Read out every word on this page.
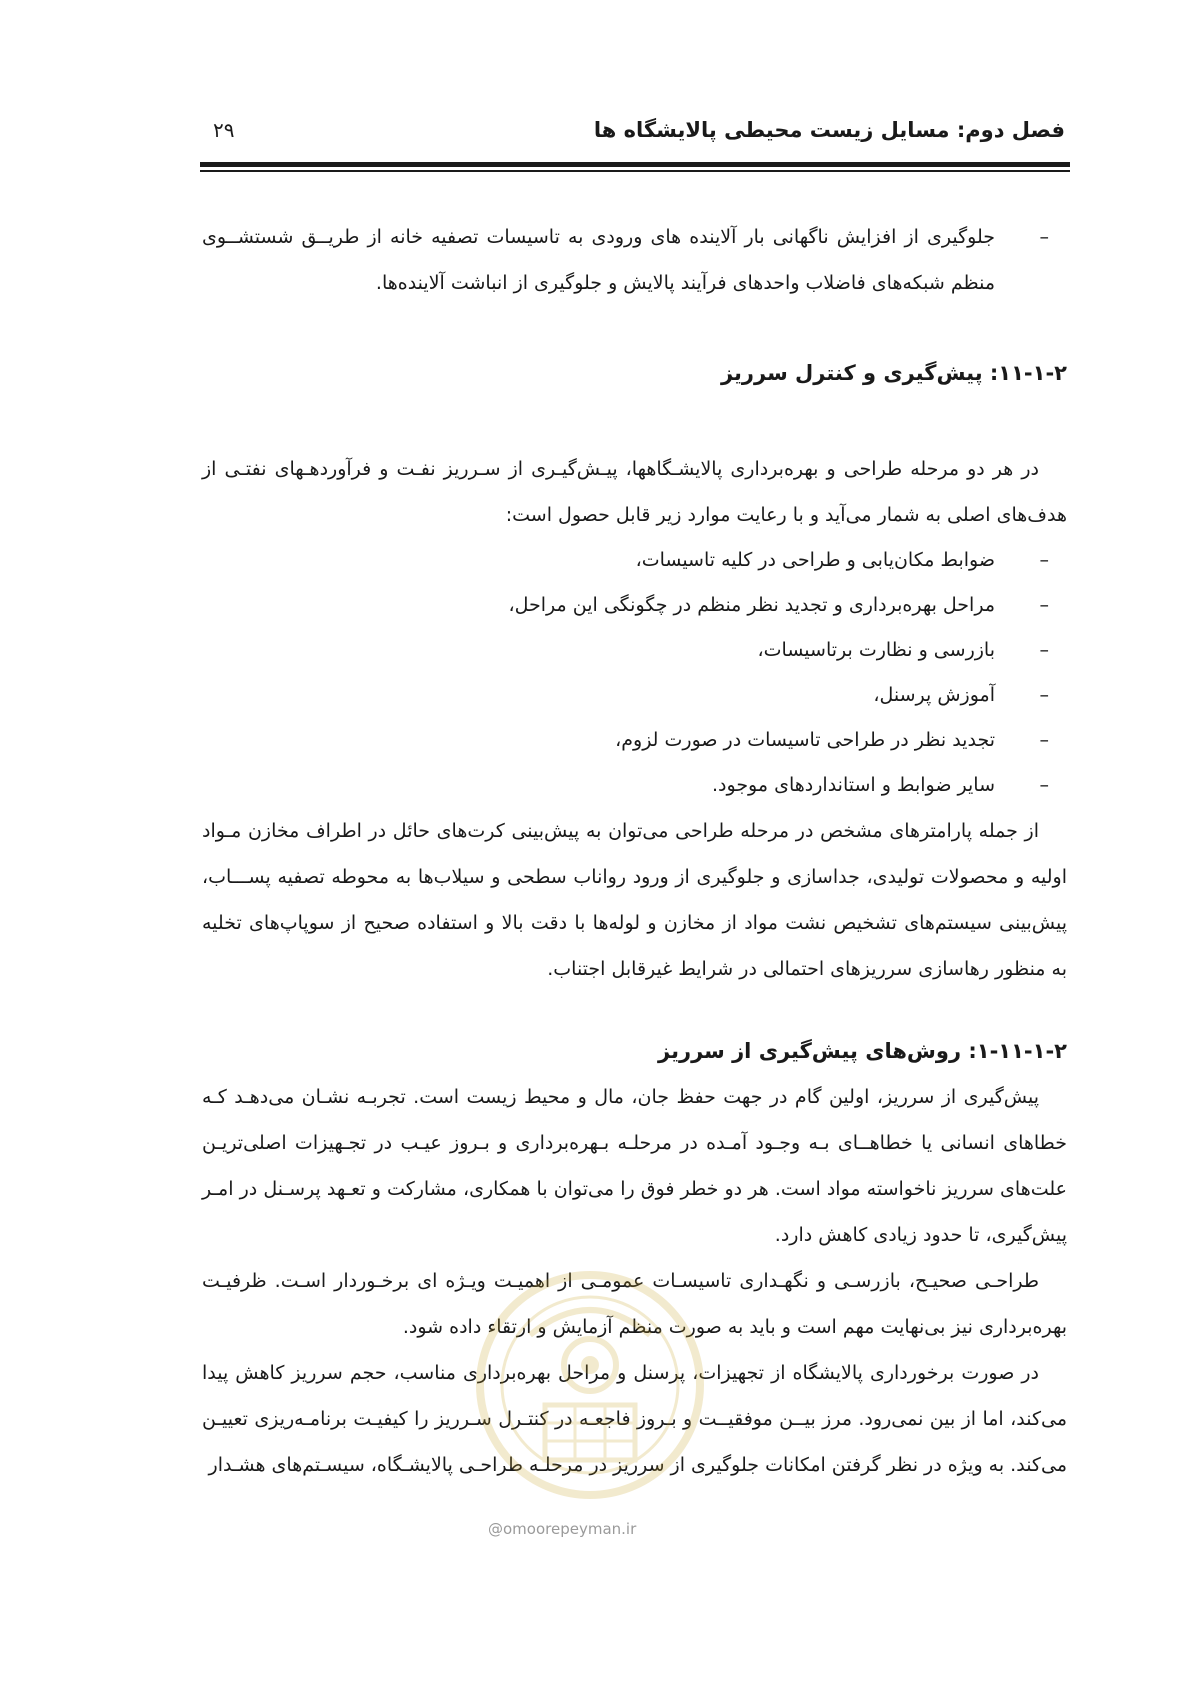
فصل دوم: مسایل زیست محیطی پالایشگاه ها
۲۹

–
جلوگیری از افزایش ناگهانی بار آلاینده های ورودی به تاسیسات تصفیه خانه از طریــق شستشــوی منظم شبکه‌های فاضلاب واحدهای فرآیند پالایش و جلوگیری از انباشت آلاینده‌ها.

۱۱-۱-۲: پیش‌گیری و کنترل سرریز

در هر دو مرحله طراحی و بهره‌برداری پالایشـگاهها، پیـش‌گیـری از سـرریز نفـت و فرآوردهـهای نفتـی از هدف‌های اصلی به شمار می‌آید و با رعایت موارد زیر قابل حصول است:

–
ضوابط مکان‌یابی و طراحی در کلیه تاسیسات،
–
مراحل بهره‌برداری و تجدید نظر منظم در چگونگی این مراحل،
–
بازرسی و نظارت برتاسیسات،
–
آموزش پرسنل،
–
تجدید نظر در طراحی تاسیسات در صورت لزوم،
–
سایر ضوابط و استانداردهای موجود.

از جمله پارامترهای مشخص در مرحله طراحی می‌توان به پیش‌بینی کرت‌های حائل در اطراف مخازن مـواد اولیه و محصولات تولیدی، جداسازی و جلوگیری از ورود رواناب سطحی و سیلاب‌ها به محوطه تصفیه پســـاب، پیش‌بینی سیستم‌های تشخیص نشت مواد از مخازن و لوله‌ها با دقت بالا و استفاده صحیح از سوپاپ‌های تخلیه به منظور رهاسازی سرریزهای احتمالی در شرایط غیرقابل اجتناب.

۱-۱۱-۱-۲: روش‌های پیش‌گیری از سرریز

پیش‌گیری از سرریز، اولین گام در جهت حفظ جان، مال و محیط زیست است. تجربـه نشـان می‌دهـد کـه خطاهای انسانی یا خطاهــای بـه وجـود آمـده در مرحلـه بـهره‌برداری و بـروز عیـب در تجـهیزات اصلی‌تریـن علت‌های سرریز ناخواسته مواد است. هر دو خطر فوق را می‌توان با همکاری، مشارکت و تعـهد پرسـنل در امـر پیش‌گیری، تا حدود زیادی کاهش دارد.

طراحـی صحیـح، بازرسـی و نگهـداری تاسیسـات عمومـی از اهمیـت ویـژه ای برخـوردار اسـت. ظرفیـت بهره‌برداری نیز بی‌نهایت مهم است و باید به صورت منظم آزمایش و ارتقاء داده شود.

در صورت برخورداری پالایشگاه از تجهیزات، پرسنل و مراحل بهره‌برداری مناسب، حجم سرریز کاهش پیدا می‌کند، اما از بین نمی‌رود. مرز بیــن موفقیــت و بـروز فاجعـه در کنتـرل سـرریز را کیفیـت برنامـه‌ریزی تعییـن می‌کند. به ویژه در نظر گرفتن امکانات جلوگیری از سرریز در مرحلـه طراحـی پالایشـگاه، سیسـتم‌های هشـدار

@omoorepeyman.ir
